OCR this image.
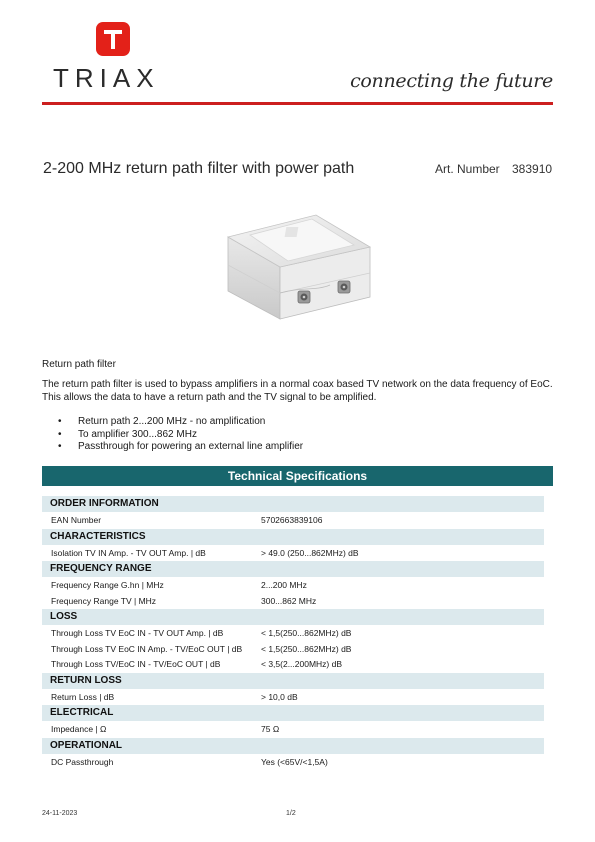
TRIAX	connecting the future
2-200 MHz return path filter with power path	Art. Number 383910
Return path filter
The return path filter is used to bypass amplifiers in a normal coax based TV network on the data frequency of EoC. This allows the data to have a return path and the TV signal to be amplified.
• Return path 2...200 MHz - no amplification
• To amplifier 300...862 MHz
• Passthrough for powering an external line amplifier
Technical Specifications
ORDER INFORMATION
EAN Number	5702663839106
CHARACTERISTICS
Isolation TV IN Amp. - TV OUT Amp. | dB	> 49.0 (250...862MHz) dB
FREQUENCY RANGE
Frequency Range G.hn | MHz	2...200 MHz
Frequency Range TV | MHz	300...862 MHz
LOSS
Through Loss TV EoC IN - TV OUT Amp. | dB	< 1,5(250...862MHz) dB
Through Loss TV EoC IN Amp. - TV/EoC OUT | dB	< 1,5(250...862MHz) dB
Through Loss TV/EoC IN - TV/EoC OUT | dB	< 3,5(2...200MHz) dB
RETURN LOSS
Return Loss | dB	> 10,0 dB
ELECTRICAL
Impedance | Ω	75 Ω
OPERATIONAL
DC Passthrough	Yes (<65V/<1,5A)
24-11-2023	1/2
